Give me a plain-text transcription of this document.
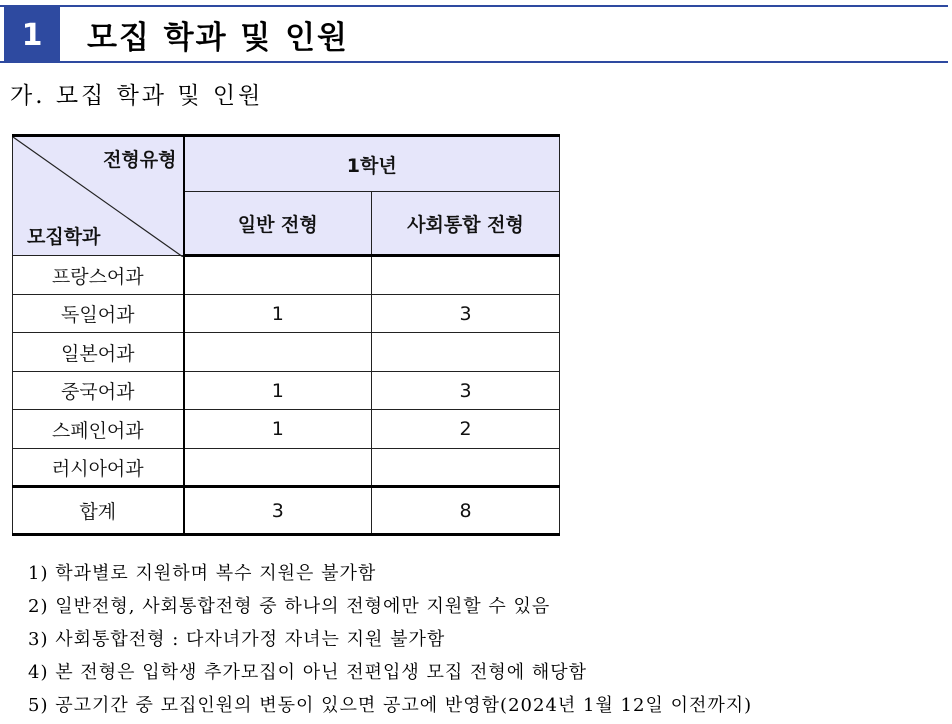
1	모집 학과 및 인원
가. 모집 학과 및 인원
전형유형
모집학과	1학년	
	일반 전형	사회통합 전형
프랑스어과		
독일어과	1	3
일본어과		
중국어과	1	3
스페인어과	1	2
러시아어과		
합계	3	8
1) 학과별로 지원하며 복수 지원은 불가함
2) 일반전형, 사회통합전형 중 하나의 전형에만 지원할 수 있음
3) 사회통합전형 : 다자녀가정 자녀는 지원 불가함
4) 본 전형은 입학생 추가모집이 아닌 전편입생 모집 전형에 해당함
5) 공고기간 중 모집인원의 변동이 있으면 공고에 반영함(2024년 1월 12일 이전까지)
